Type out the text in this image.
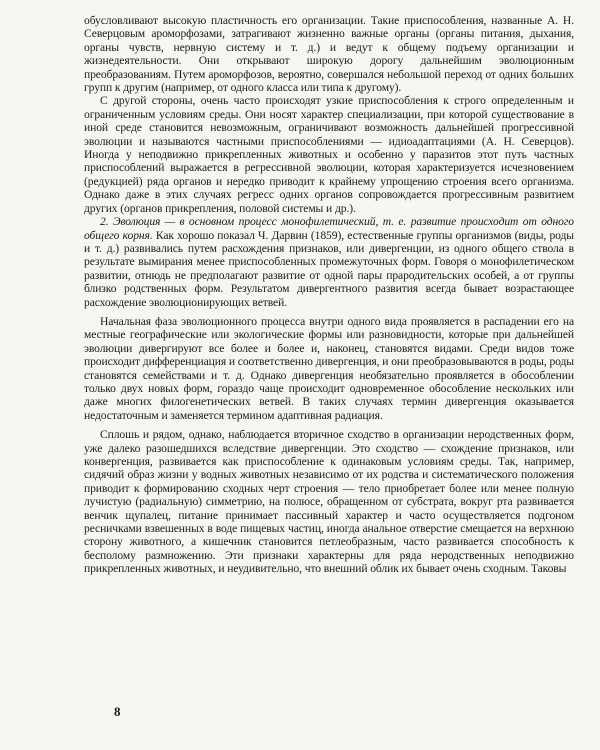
обусловливают высокую пластичность его организации. Такие приспособления, названные А. Н. Северцовым ароморфозами, затрагивают жизненно важные органы (органы питания, дыхания, органы чувств, нервную систему и т. д.) и ведут к общему подъему организации и жизнедеятельности. Они открывают широкую дорогу дальнейшим эволюционным преобразованиям. Путем ароморфозов, вероятно, совершался небольшой переход от одних больших групп к другим (например, от одного класса или типа к другому).

С другой стороны, очень часто происходят узкие приспособления к строго определенным и ограниченным условиям среды. Они носят характер специализации, при которой существование в иной среде становится невозможным, ограничивают возможность дальнейшей прогрессивной эволюции и называются частными приспособлениями — идиоадаптациями (А. Н. Северцов). Иногда у неподвижно прикрепленных животных и особенно у паразитов этот путь частных приспособлений выражается в регрессивной эволюции, которая характеризуется исчезновением (редукцией) ряда органов и нередко приводит к крайнему упрощению строения всего организма. Однако даже в этих случаях регресс одних органов сопровождается прогрессивным развитием других (органов прикрепления, половой системы и др.).

2. Эволюция — в основном процесс монофилетический, т. е. развитие происходит от одного общего корня. Как хорошо показал Ч. Дарвин (1859), естественные группы организмов (виды, роды и т. д.) развивались путем расхождения признаков, или дивергенции, из одного общего ствола в результате вымирания менее приспособленных промежуточных форм. Говоря о монофилетическом развитии, отнюдь не предполагают развитие от одной пары прародительских особей, а от группы близко родственных форм. Результатом дивергентного развития всегда бывает возрастающее расхождение эволюционирующих ветвей.

Начальная фаза эволюционного процесса внутри одного вида проявляется в распадении его на местные географические или экологические формы или разновидности, которые при дальнейшей эволюции дивергируют все более и более и, наконец, становятся видами. Среди видов тоже происходит дифференциация и соответственно дивергенция, и они преобразовываются в роды, роды становятся семействами и т. д. Однако дивергенция необязательно проявляется в обособлении только двух новых форм, гораздо чаще происходит одновременное обособление нескольких или даже многих филогенетических ветвей. В таких случаях термин дивергенция оказывается недостаточным и заменяется термином адаптивная радиация.

Сплошь и рядом, однако, наблюдается вторичное сходство в организации неродственных форм, уже далеко разошедшихся вследствие дивергенции. Это сходство — схождение признаков, или конвергенция, развивается как приспособление к одинаковым условиям среды. Так, например, сидячий образ жизни у водных животных независимо от их родства и систематического положения приводит к формированию сходных черт строения — тело приобретает более или менее полную лучистую (радиальную) симметрию, на полюсе, обращенном от субстрата, вокруг рта развивается венчик щупалец, питание принимает пассивный характер и часто осуществляется подгоном ресничками взвешенных в воде пищевых частиц, иногда анальное отверстие смещается на верхнюю сторону животного, а кишечник становится петлеобразным, часто развивается способность к бесполому размножению. Эти признаки характерны для ряда неродственных неподвижно прикрепленных животных, и неудивительно, что внешний облик их бывает очень сходным. Таковы

8
